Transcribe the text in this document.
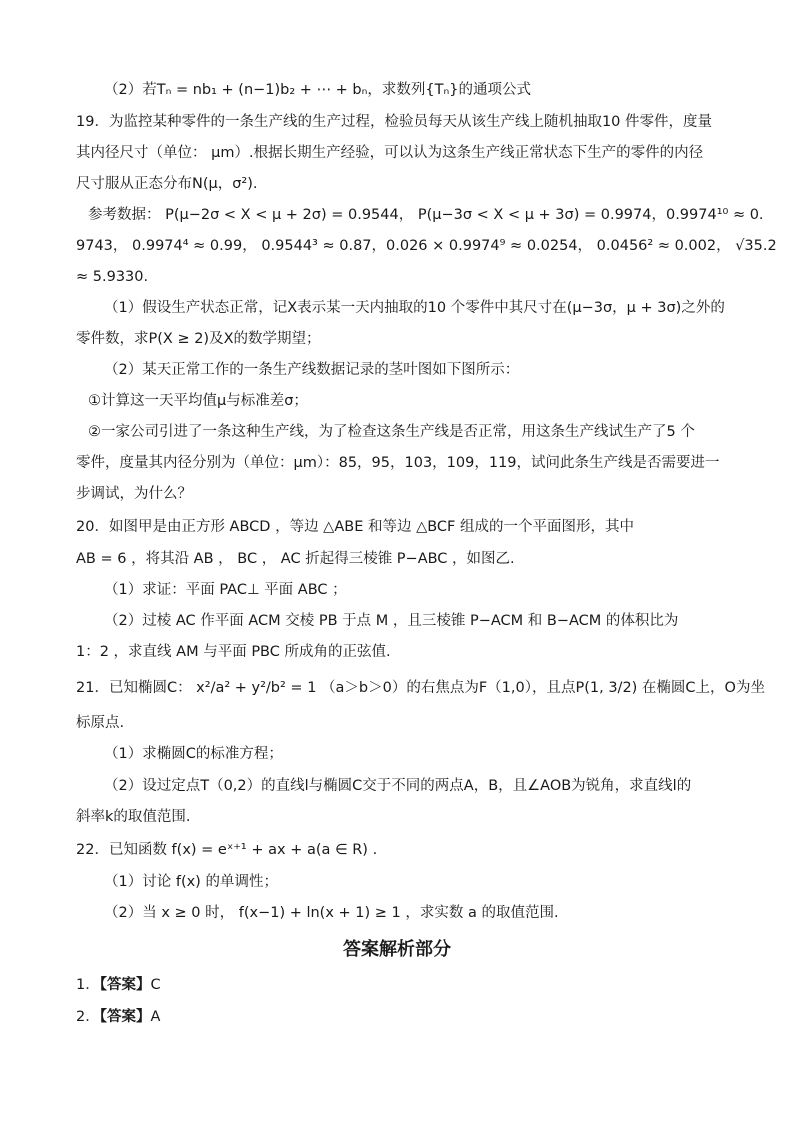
（2）若Tₙ = nb₁ + (n−1)b₂ + ⋯ + bₙ，求数列{Tₙ}的通项公式
19．为监控某种零件的一条生产线的生产过程，检验员每天从该生产线上随机抽取10 件零件，度量
其内径尺寸（单位： μm）.根据长期生产经验，可以认为这条生产线正常状态下生产的零件的内径
尺寸服从正态分布N(μ，σ²).
参考数据： P(μ−2σ < X < μ + 2σ) = 0.9544， P(μ−3σ < X < μ + 3σ) = 0.9974，0.9974¹⁰ ≈ 0.
9743， 0.9974⁴ ≈ 0.99， 0.9544³ ≈ 0.87，0.026 × 0.9974⁹ ≈ 0.0254， 0.0456² ≈ 0.002， √35.2
≈ 5.9330.
（1）假设生产状态正常，记X表示某一天内抽取的10 个零件中其尺寸在(μ−3σ，μ + 3σ)之外的
零件数，求P(X ≥ 2)及X的数学期望；
（2）某天正常工作的一条生产线数据记录的茎叶图如下图所示：
①计算这一天平均值μ与标准差σ；
②一家公司引进了一条这种生产线，为了检查这条生产线是否正常，用这条生产线试生产了5 个
零件，度量其内径分别为（单位：μm）：85，95，103，109，119，试问此条生产线是否需要进一
步调试，为什么？
20．如图甲是由正方形 ABCD ，等边 △ABE 和等边 △BCF 组成的一个平面图形，其中
AB = 6 ，将其沿 AB ， BC ， AC 折起得三棱锥 P−ABC ，如图乙.
（1）求证：平面 PAC⊥ 平面 ABC ；
（2）过棱 AC 作平面 ACM 交棱 PB 于点 M ，且三棱锥 P−ACM 和 B−ACM 的体积比为
1：2 ，求直线 AM 与平面 PBC 所成角的正弦值.
21．已知椭圆C： x²/a² + y²/b² = 1 （a＞b＞0）的右焦点为F（1,0），且点P(1, 3/2) 在椭圆C上，O为坐
标原点.
（1）求椭圆C的标准方程；
（2）设过定点T（0,2）的直线l与椭圆C交于不同的两点A，B，且∠AOB为锐角，求直线l的
斜率k的取值范围.
22．已知函数 f(x) = eˣ⁺¹ + ax + a(a ∈ R) .
（1）讨论 f(x) 的单调性；
（2）当 x ≥ 0 时， f(x−1) + ln(x + 1) ≥ 1 ，求实数 a 的取值范围.
答案解析部分
1．【答案】C
2．【答案】A
